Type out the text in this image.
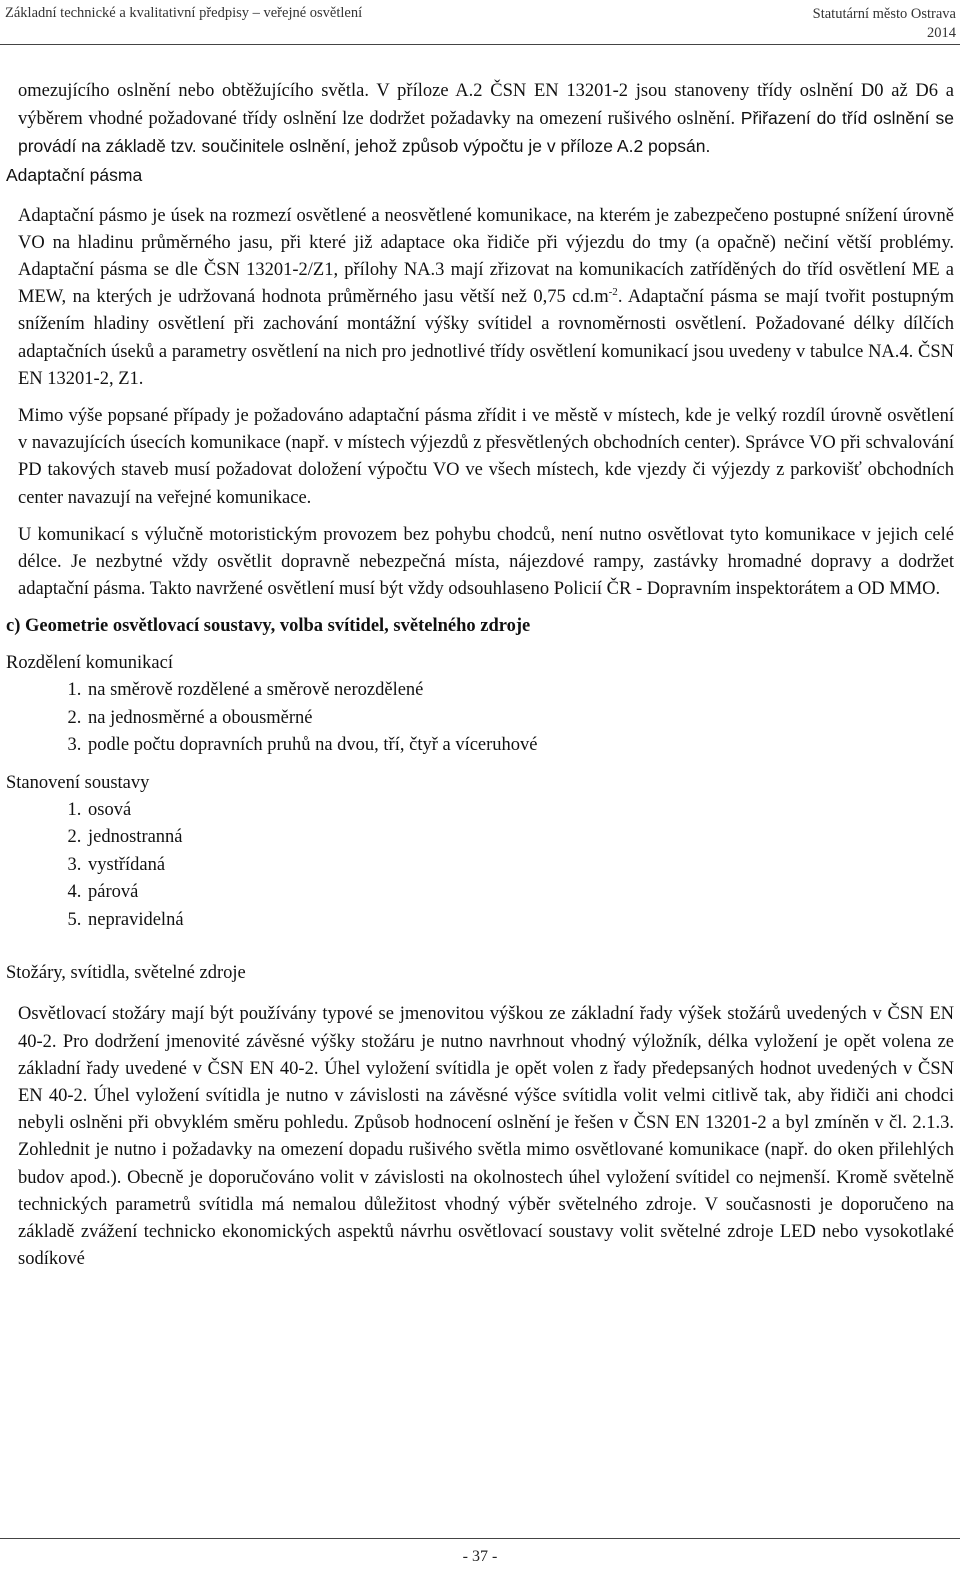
Základní technické a kvalitativní předpisy – veřejné osvětlení	Statutární město Ostrava
2014

omezujícího oslnění nebo obtěžujícího světla. V příloze A.2 ČSN EN 13201-2 jsou stanoveny třídy oslnění D0 až D6 a výběrem vhodné požadované třídy oslnění lze dodržet požadavky na omezení rušivého oslnění. Přiřazení do tříd oslnění se provádí na základě tzv. součinitele oslnění, jehož způsob výpočtu je v příloze A.2 popsán.

Adaptační pásma

Adaptační pásmo je úsek na rozmezí osvětlené a neosvětlené komunikace, na kterém je zabezpečeno postupné snížení úrovně VO na hladinu průměrného jasu, při které již adaptace oka řidiče při výjezdu do tmy (a opačně) nečiní větší problémy. Adaptační pásma se dle ČSN 13201-2/Z1, přílohy NA.3 mají zřizovat na komunikacích zatříděných do tříd osvětlení ME a MEW, na kterých je udržovaná hodnota průměrného jasu větší než 0,75 $cd.m^{-2}$. Adaptační pásma se mají tvořit postupným snížením hladiny osvětlení při zachování montážní výšky svítidel a rovnoměrnosti osvětlení. Požadované délky dílčích adaptačních úseků a parametry osvětlení na nich pro jednotlivé třídy osvětlení komunikací jsou uvedeny v tabulce NA.4. ČSN EN 13201-2, Z1.

Mimo výše popsané případy je požadováno adaptační pásma zřídit i ve městě v místech, kde je velký rozdíl úrovně osvětlení v navazujících úsecích komunikace (např. v místech výjezdů z přesvětlených obchodních center). Správce VO při schvalování PD takových staveb musí požadovat doložení výpočtu VO ve všech místech, kde vjezdy či výjezdy z parkovišť obchodních center navazují na veřejné komunikace.

U komunikací s výlučně motoristickým provozem bez pohybu chodců, není nutno osvětlovat tyto komunikace v jejich celé délce. Je nezbytné vždy osvětlit dopravně nebezpečná místa, nájezdové rampy, zastávky hromadné dopravy a dodržet adaptační pásma. Takto navržené osvětlení musí být vždy odsouhlaseno Policií ČR - Dopravním inspektorátem a OD MMO.

c) Geometrie osvětlovací soustavy, volba svítidel, světelného zdroje

Rozdělení komunikací

1. na směrově rozdělené a směrově nerozdělené
2. na jednosměrné a obousměrné
3. podle počtu dopravních pruhů na dvou, tří, čtyř a víceruhové

Stanovení soustavy

1. osová
2. jednostranná
3. vystřídaná
4. párová
5. nepravidelná

Stožáry, svítidla, světelné zdroje

Osvětlovací stožáry mají být používány typové se jmenovitou výškou ze základní řady výšek stožárů uvedených v ČSN EN 40-2. Pro dodržení jmenovité závěsné výšky stožáru je nutno navrhnout vhodný výložník, délka vyložení je opět volena ze základní řady uvedené v ČSN EN 40-2. Úhel vyložení svítidla je opět volen z řady předepsaných hodnot uvedených v ČSN EN 40-2. Úhel vyložení svítidla je nutno v závislosti na závěsné výšce svítidla volit velmi citlivě tak, aby řidiči ani chodci nebyli oslněni při obvyklém směru pohledu. Způsob hodnocení oslnění je řešen v ČSN EN 13201-2 a byl zmíněn v čl. 2.1.3. Zohlednit je nutno i požadavky na omezení dopadu rušivého světla mimo osvětlované komunikace (např. do oken přilehlých budov apod.). Obecně je doporučováno volit v závislosti na okolnostech úhel vyložení svítidel co nejmenší. Kromě světelně technických parametrů svítidla má nemalou důležitost vhodný výběr světelného zdroje. V současnosti je doporučeno na základě zvážení technicko ekonomických aspektů návrhu osvětlovací soustavy volit světelné zdroje LED nebo vysokotlaké sodíkové

- 37 -
